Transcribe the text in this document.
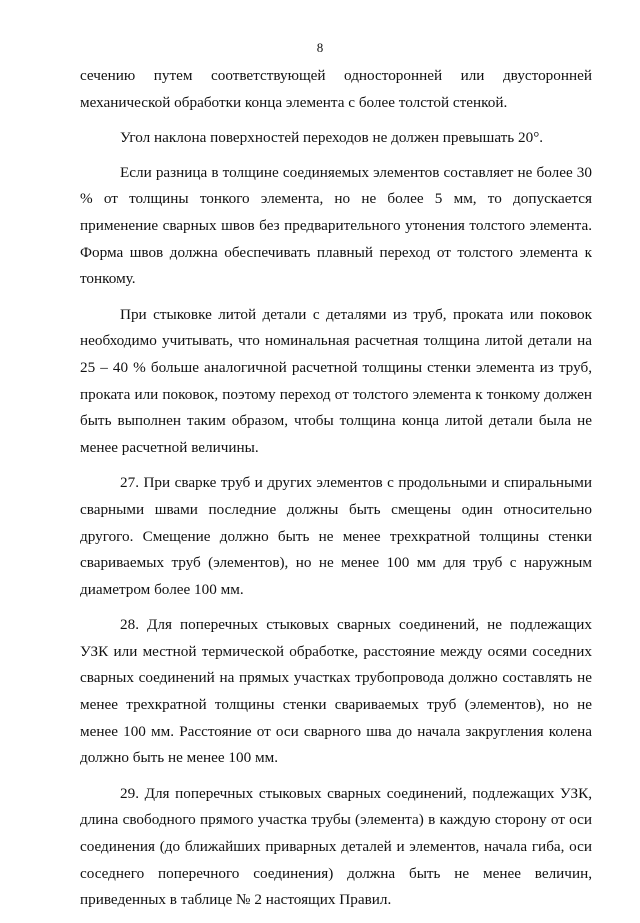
8

сечению путем соответствующей односторонней или двусторонней механической обработки конца элемента с более толстой стенкой.

Угол наклона поверхностей переходов не должен превышать 20°.

Если разница в толщине соединяемых элементов составляет не более 30 % от толщины тонкого элемента, но не более 5 мм, то допускается применение сварных швов без предварительного утонения толстого элемента. Форма швов должна обеспечивать плавный переход от толстого элемента к тонкому.

При стыковке литой детали с деталями из труб, проката или поковок необходимо учитывать, что номинальная расчетная толщина литой детали на 25 – 40 % больше аналогичной расчетной толщины стенки элемента из труб, проката или поковок, поэтому переход от толстого элемента к тонкому должен быть выполнен таким образом, чтобы толщина конца литой детали была не менее расчетной величины.

27. При сварке труб и других элементов с продольными и спиральными сварными швами последние должны быть смещены один относительно другого. Смещение должно быть не менее трехкратной толщины стенки свариваемых труб (элементов), но не менее 100 мм для труб с наружным диаметром более 100 мм.

28. Для поперечных стыковых сварных соединений, не подлежащих УЗК или местной термической обработке, расстояние между осями соседних сварных соединений на прямых участках трубопровода должно составлять не менее трехкратной толщины стенки свариваемых труб (элементов), но не менее 100 мм. Расстояние от оси сварного шва до начала закругления колена должно быть не менее 100 мм.

29. Для поперечных стыковых сварных соединений, подлежащих УЗК, длина свободного прямого участка трубы (элемента) в каждую сторону от оси соединения (до ближайших приварных деталей и элементов, начала гиба, оси соседнего поперечного соединения) должна быть не менее величин, приведенных в таблице № 2 настоящих Правил.
